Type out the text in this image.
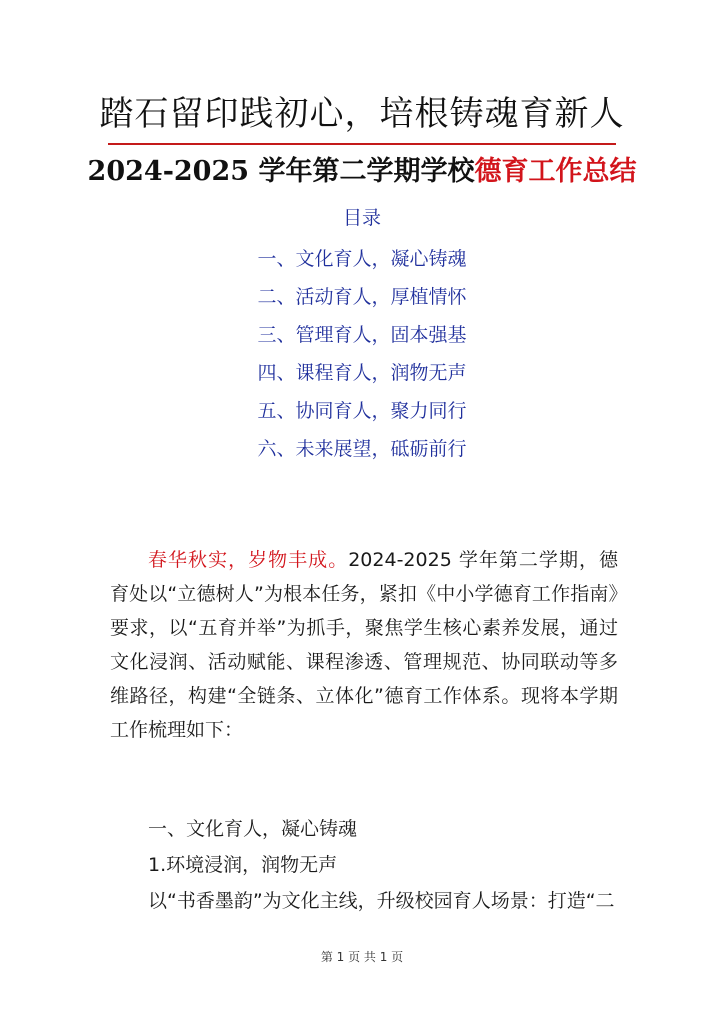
踏石留印践初心，培根铸魂育新人
2024-2025 学年第二学期学校德育工作总结
目录
一、文化育人，凝心铸魂
二、活动育人，厚植情怀
三、管理育人，固本强基
四、课程育人，润物无声
五、协同育人，聚力同行
六、未来展望，砥砺前行

春华秋实，岁物丰成。2024-2025 学年第二学期，德育处以“立德树人”为根本任务，紧扣《中小学德育工作指南》要求，以“五育并举”为抓手，聚焦学生核心素养发展，通过文化浸润、活动赋能、课程渗透、管理规范、协同联动等多维路径，构建“全链条、立体化”德育工作体系。现将本学期工作梳理如下：

一、文化育人，凝心铸魂
1.环境浸润，润物无声
以“书香墨韵”为文化主线，升级校园育人场景：打造“二
第 1 页 共 1 页
